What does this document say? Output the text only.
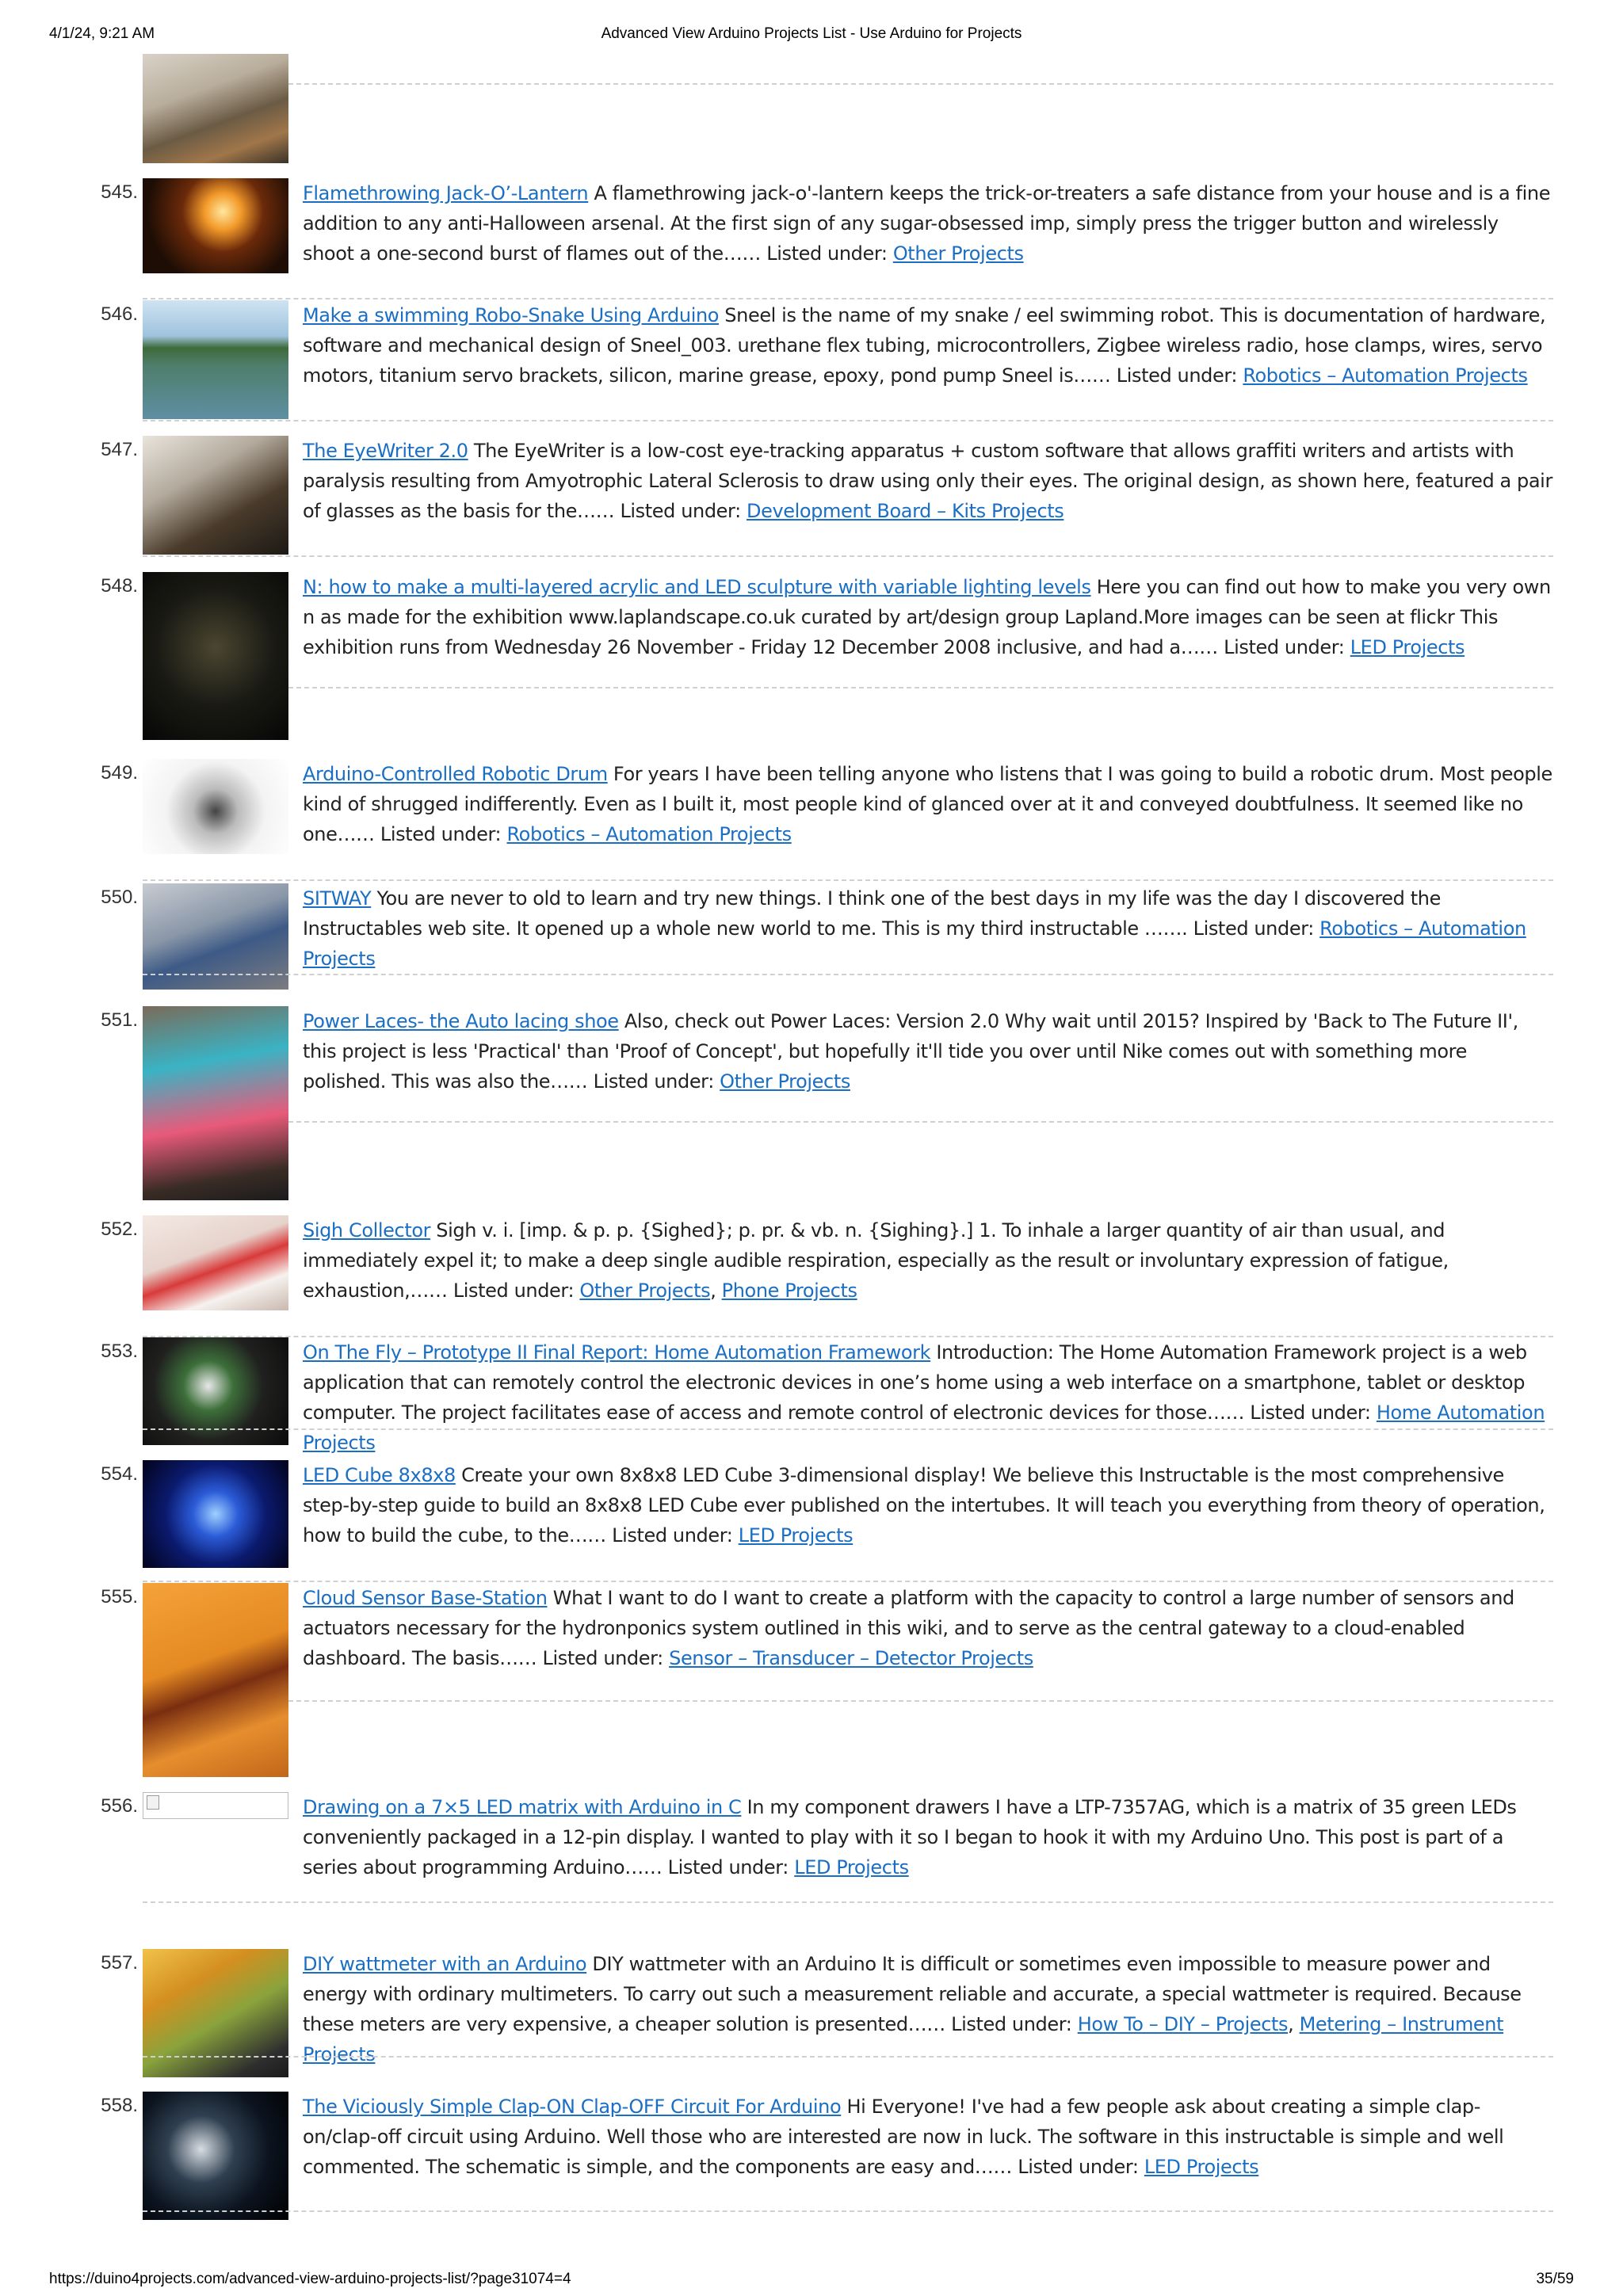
4/1/24, 9:21 AM	Advanced View Arduino Projects List - Use Arduino for Projects
545.	Flamethrowing Jack-O’-Lantern A flamethrowing jack-o'-lantern keeps the trick-or-treaters a safe distance from your house and is a fine addition to any anti-Halloween arsenal. At the first sign of any sugar-obsessed imp, simply press the trigger button and wirelessly shoot a one-second burst of flames out of the…… Listed under: Other Projects
546.	Make a swimming Robo-Snake Using Arduino Sneel is the name of my snake / eel swimming robot. This is documentation of hardware, software and mechanical design of Sneel_003. urethane flex tubing, microcontrollers, Zigbee wireless radio, hose clamps, wires, servo motors, titanium servo brackets, silicon, marine grease, epoxy, pond pump Sneel is…… Listed under: Robotics – Automation Projects
547.	The EyeWriter 2.0 The EyeWriter is a low-cost eye-tracking apparatus + custom software that allows graffiti writers and artists with paralysis resulting from Amyotrophic Lateral Sclerosis to draw using only their eyes. The original design, as shown here, featured a pair of glasses as the basis for the…… Listed under: Development Board – Kits Projects
548.	N: how to make a multi-layered acrylic and LED sculpture with variable lighting levels Here you can find out how to make you very own n as made for the exhibition www.laplandscape.co.uk curated by art/design group Lapland.More images can be seen at flickr This exhibition runs from Wednesday 26 November - Friday 12 December 2008 inclusive, and had a…… Listed under: LED Projects
549.	Arduino-Controlled Robotic Drum For years I have been telling anyone who listens that I was going to build a robotic drum. Most people kind of shrugged indifferently. Even as I built it, most people kind of glanced over at it and conveyed doubtfulness. It seemed like no one…… Listed under: Robotics – Automation Projects
550.	SITWAY You are never to old to learn and try new things. I think one of the best days in my life was the day I discovered the Instructables web site. It opened up a whole new world to me. This is my third instructable ……. Listed under: Robotics – Automation Projects
551.	Power Laces- the Auto lacing shoe Also, check out Power Laces: Version 2.0 Why wait until 2015? Inspired by 'Back to The Future II', this project is less 'Practical' than 'Proof of Concept', but hopefully it'll tide you over until Nike comes out with something more polished. This was also the…… Listed under: Other Projects
552.	Sigh Collector Sigh v. i. [imp. & p. p. {Sighed}; p. pr. & vb. n. {Sighing}.] 1. To inhale a larger quantity of air than usual, and immediately expel it; to make a deep single audible respiration, especially as the result or involuntary expression of fatigue, exhaustion,…… Listed under: Other Projects, Phone Projects
553.	On The Fly – Prototype II Final Report: Home Automation Framework Introduction: The Home Automation Framework project is a web application that can remotely control the electronic devices in one’s home using a web interface on a smartphone, tablet or desktop computer. The project facilitates ease of access and remote control of electronic devices for those…… Listed under: Home Automation Projects
554.	LED Cube 8x8x8 Create your own 8x8x8 LED Cube 3-dimensional display! We believe this Instructable is the most comprehensive step-by-step guide to build an 8x8x8 LED Cube ever published on the intertubes. It will teach you everything from theory of operation, how to build the cube, to the…… Listed under: LED Projects
555.	Cloud Sensor Base-Station What I want to do I want to create a platform with the capacity to control a large number of sensors and actuators necessary for the hydronponics system outlined in this wiki, and to serve as the central gateway to a cloud-enabled dashboard. The basis…… Listed under: Sensor – Transducer – Detector Projects
556.	Drawing on a 7×5 LED matrix with Arduino in C In my component drawers I have a LTP-7357AG, which is a matrix of 35 green LEDs conveniently packaged in a 12-pin display. I wanted to play with it so I began to hook it with my Arduino Uno. This post is part of a series about programming Arduino…… Listed under: LED Projects
557.	DIY wattmeter with an Arduino DIY wattmeter with an Arduino It is difficult or sometimes even impossible to measure power and energy with ordinary multimeters. To carry out such a measurement reliable and accurate, a special wattmeter is required. Because these meters are very expensive, a cheaper solution is presented…… Listed under: How To – DIY – Projects, Metering – Instrument Projects
558.	The Viciously Simple Clap-ON Clap-OFF Circuit For Arduino Hi Everyone! I've had a few people ask about creating a simple clap-on/clap-off circuit using Arduino. Well those who are interested are now in luck. The software in this instructable is simple and well commented. The schematic is simple, and the components are easy and…… Listed under: LED Projects
https://duino4projects.com/advanced-view-arduino-projects-list/?page31074=4	35/59
